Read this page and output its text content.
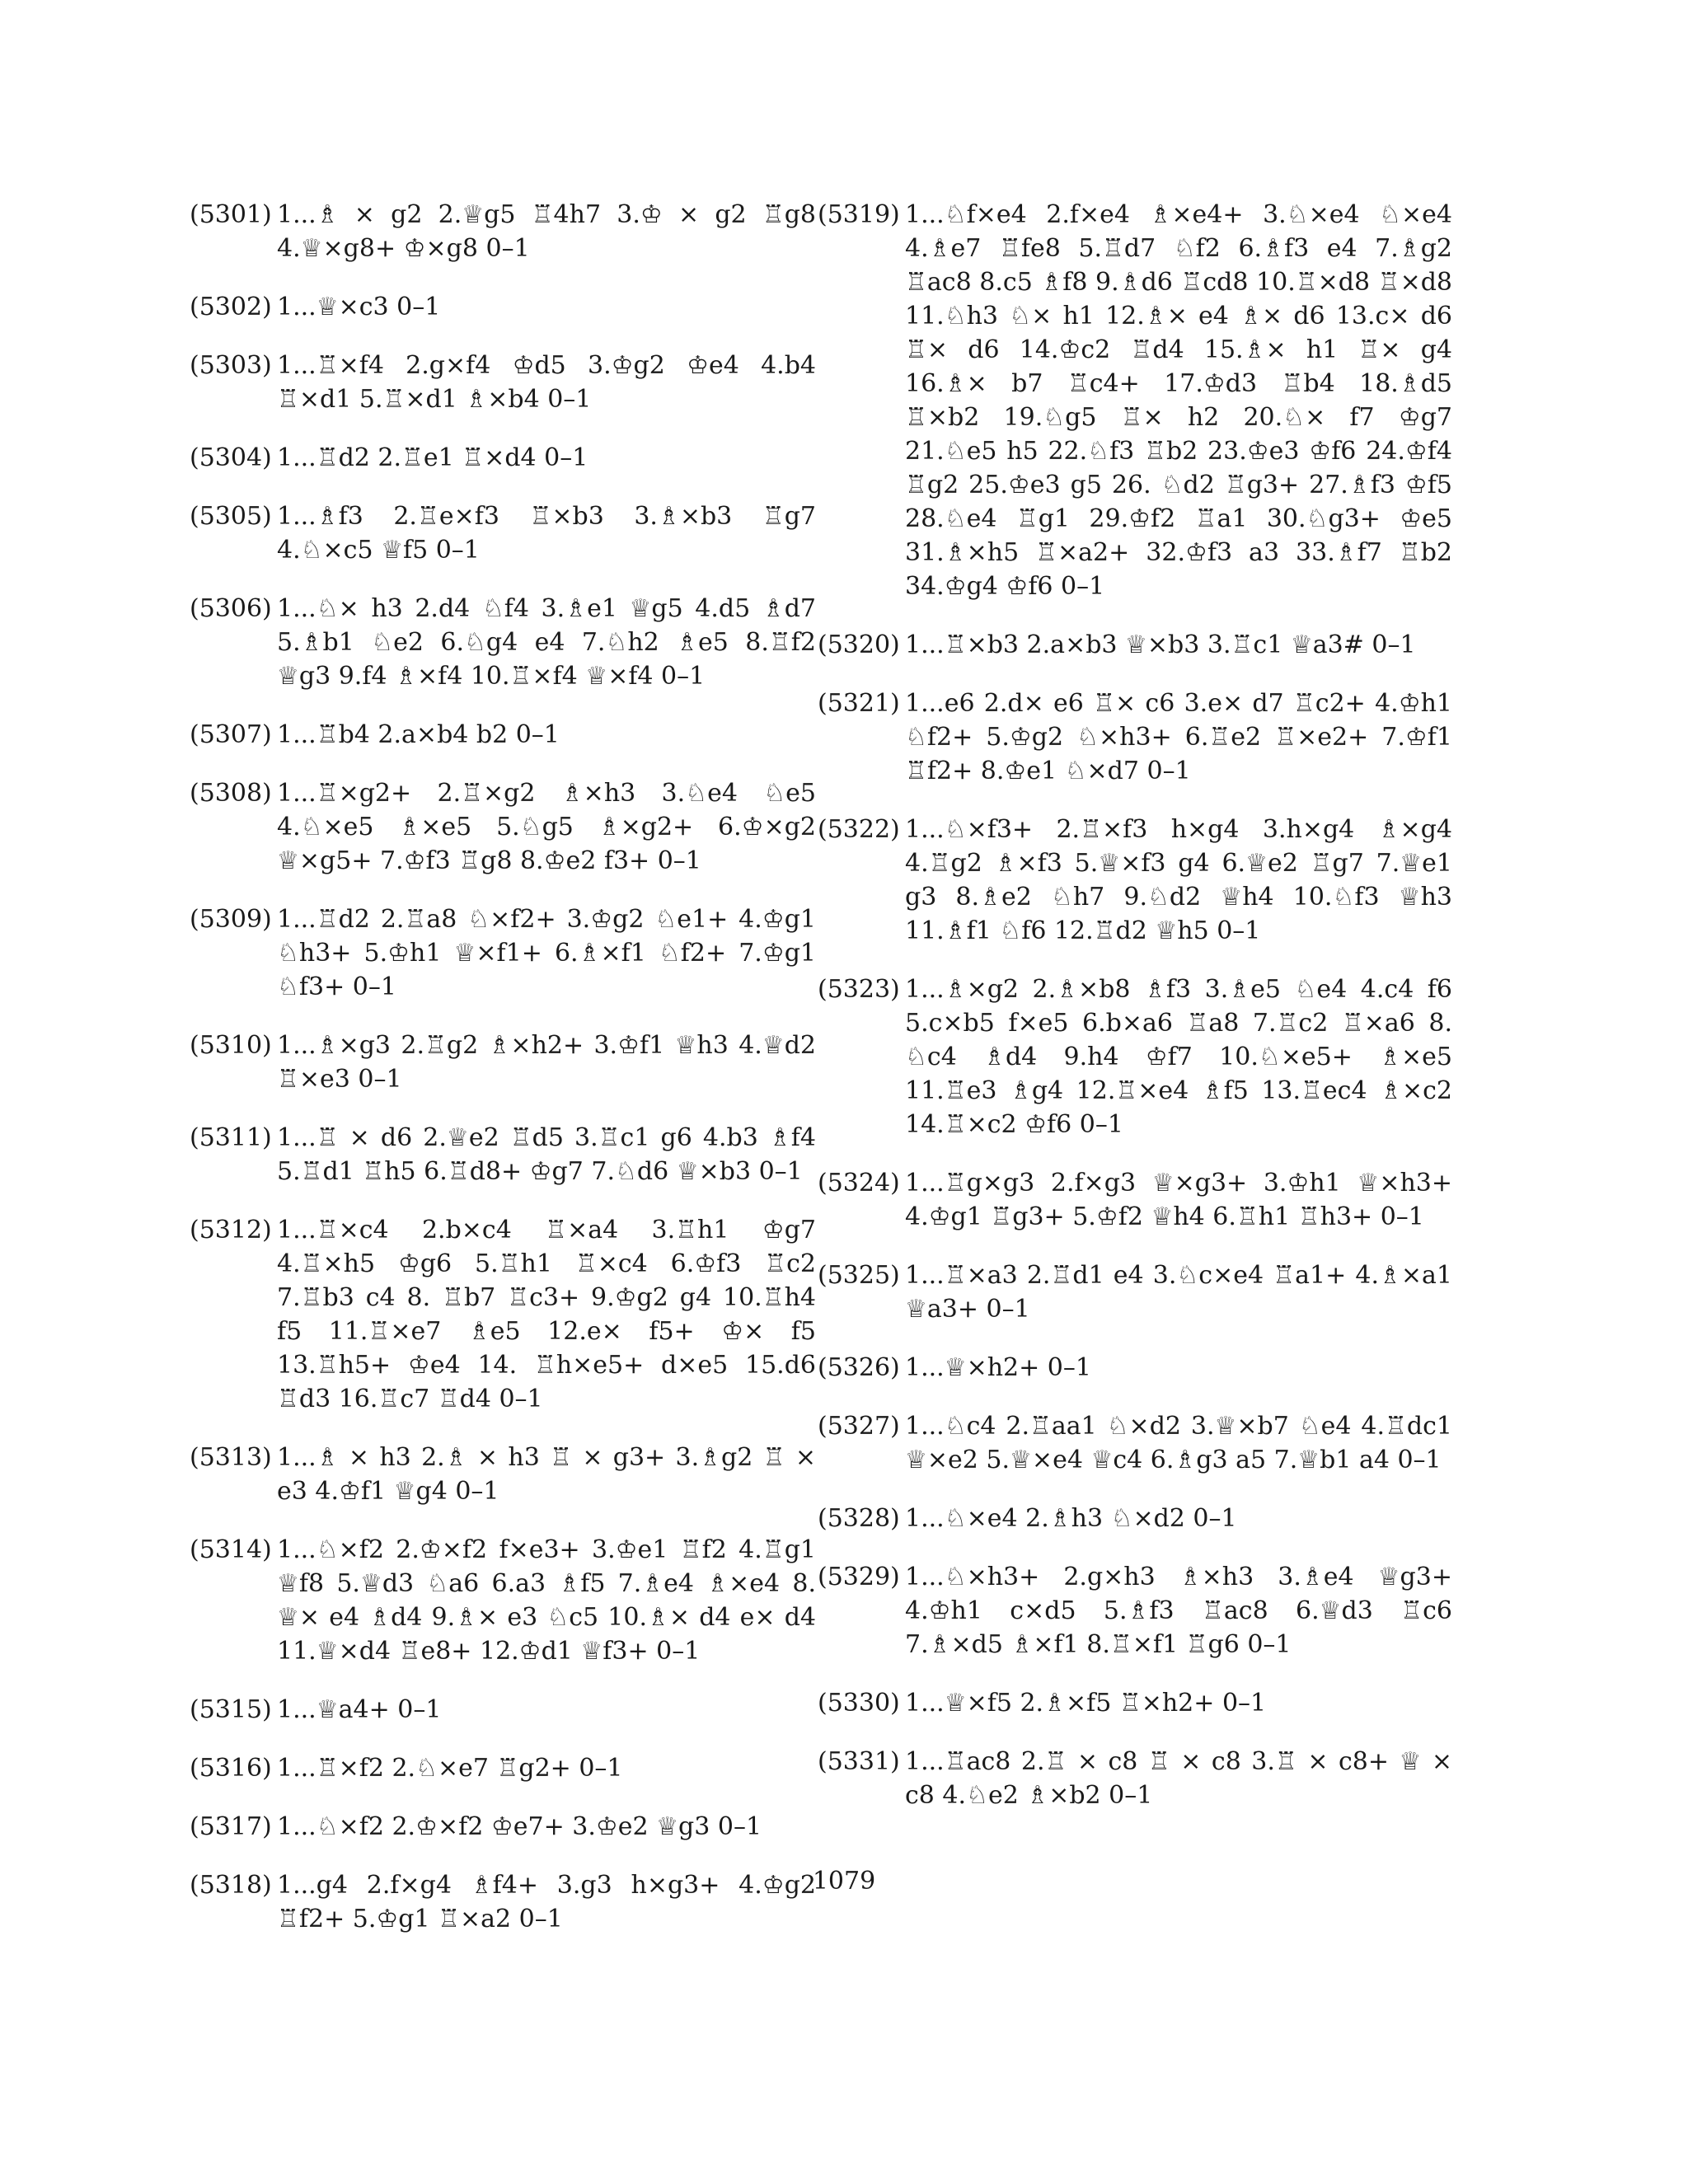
(5301) 1...♗ × g2 2.♕g5 ♖4h7 3.♔ × g2 ♖g8 4.♕×g8+ ♔×g8 0–1
(5302) 1...♕×c3 0–1
(5303) 1...♖×f4 2.g×f4 ♔d5 3.♔g2 ♔e4 4.b4 ♖×d1 5.♖×d1 ♗×b4 0–1
(5304) 1...♖d2 2.♖e1 ♖×d4 0–1
(5305) 1...♗f3 2.♖e×f3 ♖×b3 3.♗×b3 ♖g7 4.♘×c5 ♕f5 0–1
(5306) 1...♘× h3 2.d4 ♘f4 3.♗e1 ♕g5 4.d5 ♗d7 5.♗b1 ♘e2 6.♘g4 e4 7.♘h2 ♗e5 8.♖f2 ♕g3 9.f4 ♗×f4 10.♖×f4 ♕×f4 0–1
(5307) 1...♖b4 2.a×b4 b2 0–1
(5308) 1...♖×g2+ 2.♖×g2 ♗×h3 3.♘e4 ♘e5 4.♘×e5 ♗×e5 5.♘g5 ♗×g2+ 6.♔×g2 ♕×g5+ 7.♔f3 ♖g8 8.♔e2 f3+ 0–1
(5309) 1...♖d2 2.♖a8 ♘×f2+ 3.♔g2 ♘e1+ 4.♔g1 ♘h3+ 5.♔h1 ♕×f1+ 6.♗×f1 ♘f2+ 7.♔g1 ♘f3+ 0–1
(5310) 1...♗×g3 2.♖g2 ♗×h2+ 3.♔f1 ♕h3 4.♕d2 ♖×e3 0–1
(5311) 1...♖ × d6 2.♕e2 ♖d5 3.♖c1 g6 4.b3 ♗f4 5.♖d1 ♖h5 6.♖d8+ ♔g7 7.♘d6 ♕×b3 0–1
(5312) 1...♖×c4 2.b×c4 ♖×a4 3.♖h1 ♔g7 4.♖×h5 ♔g6 5.♖h1 ♖×c4 6.♔f3 ♖c2 7.♖b3 c4 8. ♖b7 ♖c3+ 9.♔g2 g4 10.♖h4 f5 11.♖×e7 ♗e5 12.e× f5+ ♔× f5 13.♖h5+ ♔e4 14. ♖h×e5+ d×e5 15.d6 ♖d3 16.♖c7 ♖d4 0–1
(5313) 1...♗ × h3 2.♗ × h3 ♖ × g3+ 3.♗g2 ♖ × e3 4.♔f1 ♕g4 0–1
(5314) 1...♘×f2 2.♔×f2 f×e3+ 3.♔e1 ♖f2 4.♖g1 ♕f8 5.♕d3 ♘a6 6.a3 ♗f5 7.♗e4 ♗×e4 8. ♕× e4 ♗d4 9.♗× e3 ♘c5 10.♗× d4 e× d4 11.♕×d4 ♖e8+ 12.♔d1 ♕f3+ 0–1
(5315) 1...♕a4+ 0–1
(5316) 1...♖×f2 2.♘×e7 ♖g2+ 0–1
(5317) 1...♘×f2 2.♔×f2 ♔e7+ 3.♔e2 ♕g3 0–1
(5318) 1...g4 2.f×g4 ♗f4+ 3.g3 h×g3+ 4.♔g2 ♖f2+ 5.♔g1 ♖×a2 0–1
(5319) 1...♘f×e4 2.f×e4 ♗×e4+ 3.♘×e4 ♘×e4 4.♗e7 ♖fe8 5.♖d7 ♘f2 6.♗f3 e4 7.♗g2 ♖ac8 8.c5 ♗f8 9.♗d6 ♖cd8 10.♖×d8 ♖×d8 11.♘h3 ♘× h1 12.♗× e4 ♗× d6 13.c× d6 ♖× d6 14.♔c2 ♖d4 15.♗× h1 ♖× g4 16.♗× b7 ♖c4+ 17.♔d3 ♖b4 18.♗d5 ♖×b2 19.♘g5 ♖× h2 20.♘× f7 ♔g7 21.♘e5 h5 22.♘f3 ♖b2 23.♔e3 ♔f6 24.♔f4 ♖g2 25.♔e3 g5 26. ♘d2 ♖g3+ 27.♗f3 ♔f5 28.♘e4 ♖g1 29.♔f2 ♖a1 30.♘g3+ ♔e5 31.♗×h5 ♖×a2+ 32.♔f3 a3 33.♗f7 ♖b2 34.♔g4 ♔f6 0–1
(5320) 1...♖×b3 2.a×b3 ♕×b3 3.♖c1 ♕a3# 0–1
(5321) 1...e6 2.d× e6 ♖× c6 3.e× d7 ♖c2+ 4.♔h1 ♘f2+ 5.♔g2 ♘×h3+ 6.♖e2 ♖×e2+ 7.♔f1 ♖f2+ 8.♔e1 ♘×d7 0–1
(5322) 1...♘×f3+ 2.♖×f3 h×g4 3.h×g4 ♗×g4 4.♖g2 ♗×f3 5.♕×f3 g4 6.♕e2 ♖g7 7.♕e1 g3 8.♗e2 ♘h7 9.♘d2 ♕h4 10.♘f3 ♕h3 11.♗f1 ♘f6 12.♖d2 ♕h5 0–1
(5323) 1...♗×g2 2.♗×b8 ♗f3 3.♗e5 ♘e4 4.c4 f6 5.c×b5 f×e5 6.b×a6 ♖a8 7.♖c2 ♖×a6 8. ♘c4 ♗d4 9.h4 ♔f7 10.♘×e5+ ♗×e5 11.♖e3 ♗g4 12.♖×e4 ♗f5 13.♖ec4 ♗×c2 14.♖×c2 ♔f6 0–1
(5324) 1...♖g×g3 2.f×g3 ♕×g3+ 3.♔h1 ♕×h3+ 4.♔g1 ♖g3+ 5.♔f2 ♕h4 6.♖h1 ♖h3+ 0–1
(5325) 1...♖×a3 2.♖d1 e4 3.♘c×e4 ♖a1+ 4.♗×a1 ♕a3+ 0–1
(5326) 1...♕×h2+ 0–1
(5327) 1...♘c4 2.♖aa1 ♘×d2 3.♕×b7 ♘e4 4.♖dc1 ♕×e2 5.♕×e4 ♕c4 6.♗g3 a5 7.♕b1 a4 0–1
(5328) 1...♘×e4 2.♗h3 ♘×d2 0–1
(5329) 1...♘×h3+ 2.g×h3 ♗×h3 3.♗e4 ♕g3+ 4.♔h1 c×d5 5.♗f3 ♖ac8 6.♕d3 ♖c6 7.♗×d5 ♗×f1 8.♖×f1 ♖g6 0–1
(5330) 1...♕×f5 2.♗×f5 ♖×h2+ 0–1
(5331) 1...♖ac8 2.♖ × c8 ♖ × c8 3.♖ × c8+ ♕ × c8 4.♘e2 ♗×b2 0–1
1079
